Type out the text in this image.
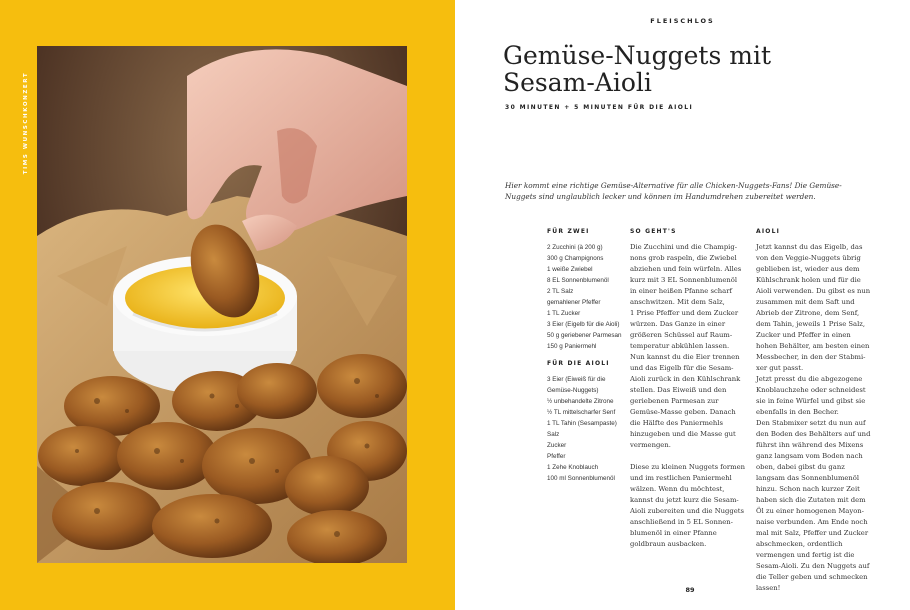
TIMS WUNSCHKONZERT
FLEISCHLOS
Gemüse-Nuggets mit
Sesam-Aioli
30 MINUTEN + 5 MINUTEN FÜR DIE AIOLI
Hier kommt eine richtige Gemüse-Alternative für alle Chicken-Nuggets-Fans! Die Gemüse-Nuggets sind unglaublich lecker und können im Handumdrehen zubereitet werden.
FÜR ZWEI
2 Zucchini (à 200 g)
300 g Champignons
1 weiße Zwiebel
8 EL Sonnenblumenöl
2 TL Salz
gemahlener Pfeffer
1 TL Zucker
3 Eier (Eigelb für die Aioli)
50 g geriebener Parmesan
150 g Paniermehl
FÜR DIE AIOLI
3 Eier (Eiweiß für die Gemüse-Nuggets)
½ unbehandelte Zitrone
½ TL mittelscharfer Senf
1 TL Tahin (Sesampaste)
Salz
Zucker
Pfeffer
1 Zehe Knoblauch
100 ml Sonnenblumenöl
SO GEHT'S

Die Zucchini und die Champig-
nons grob raspeln, die Zwiebel
abziehen und fein würfeln. Alles
kurz mit 3 EL Sonnenblumenöl
in einer heißen Pfanne scharf
anschwitzen. Mit dem Salz,
1 Prise Pfeffer und dem Zucker
würzen. Das Ganze in einer
größeren Schüssel auf Raum-
temperatur abkühlen lassen.
Nun kannst du die Eier trennen
und das Eigelb für die Sesam-
Aioli zurück in den Kühlschrank
stellen. Das Eiweiß und den
geriebenen Parmesan zur
Gemüse-Masse geben. Danach
die Hälfte des Paniermehls
hinzugeben und die Masse gut
vermengen.

Diese zu kleinen Nuggets formen
und im restlichen Paniermehl
wälzen. Wenn du möchtest,
kannst du jetzt kurz die Sesam-
Aioli zubereiten und die Nuggets
anschließend in 5 EL Sonnen-
blumenöl in einer Pfanne
goldbraun ausbacken.

AIOLI

Jetzt kannst du das Eigelb, das
von den Veggie-Nuggets übrig
geblieben ist, wieder aus dem
Kühlschrank holen und für die
Aioli verwenden. Du gibst es nun
zusammen mit dem Saft und
Abrieb der Zitrone, dem Senf,
dem Tahin, jeweils 1 Prise Salz,
Zucker und Pfeffer in einen
hohen Behälter, am besten einen
Messbecher, in den der Stabmi-
xer gut passt.
Jetzt presst du die abgezogene
Knoblauchzehe oder schneidest
sie in feine Würfel und gibst sie
ebenfalls in den Becher.
Den Stabmixer setzt du nun auf
den Boden des Behälters auf und
führst ihn während des Mixens
ganz langsam vom Boden nach
oben, dabei gibst du ganz
langsam das Sonnenblumenöl
hinzu. Schon nach kurzer Zeit
haben sich die Zutaten mit dem
Öl zu einer homogenen Mayon-
naise verbunden. Am Ende noch
mal mit Salz, Pfeffer und Zucker
abschmecken, ordentlich
vermengen und fertig ist die
Sesam-Aioli. Zu den Nuggets auf
die Teller geben und schmecken
lassen!

89
